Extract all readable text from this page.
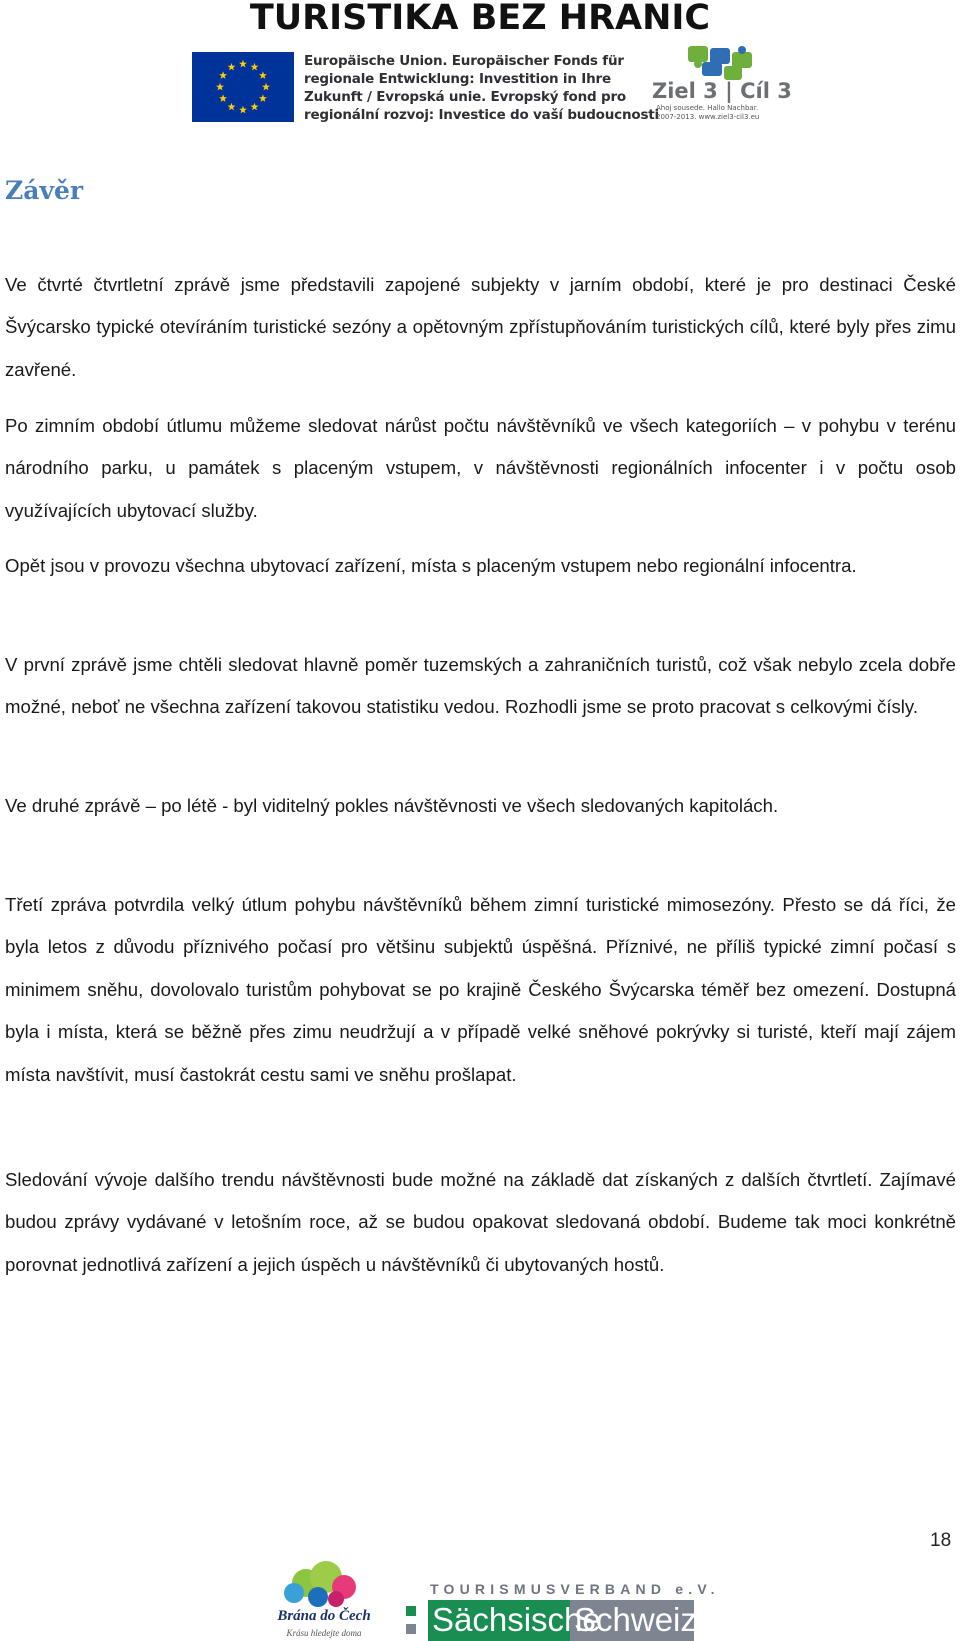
TURISTIKA BEZ HRANIC
Europäische Union. Europäischer Fonds für
regionale Entwicklung: Investition in Ihre
Zukunft / Evropská unie. Evropský fond pro
regionální rozvoj: Investice do vaší budoucnosti
Ziel 3 | Cíl 3
Ahoj sousede. Hallo Nachbar.
2007-2013. www.ziel3-cil3.eu
Závěr

Ve čtvrté čtvrtletní zprávě jsme představili zapojené subjekty v jarním období, které je pro destinaci České Švýcarsko typické otevíráním turistické sezóny a opětovným zpřístupňováním turistických cílů, které byly přes zimu zavřené.

Po zimním období útlumu můžeme sledovat nárůst počtu návštěvníků ve všech kategoriích – v pohybu v terénu národního parku, u památek s placeným vstupem, v návštěvnosti regionálních infocenter i v počtu osob využívajících ubytovací služby.

Opět jsou v provozu všechna ubytovací zařízení, místa s placeným vstupem nebo regionální infocentra.

V první zprávě jsme chtěli sledovat hlavně poměr tuzemských a zahraničních turistů, což však nebylo zcela dobře možné, neboť ne všechna zařízení takovou statistiku vedou. Rozhodli jsme se proto pracovat s celkovými čísly.

Ve druhé zprávě – po létě - byl viditelný pokles návštěvnosti ve všech sledovaných kapitolách.

Třetí zpráva potvrdila velký útlum pohybu návštěvníků během zimní turistické mimosezóny. Přesto se dá říci, že byla letos z důvodu příznivého počasí pro většinu subjektů úspěšná. Příznivé, ne příliš typické zimní počasí s minimem sněhu, dovolovalo turistům pohybovat se po krajině Českého Švýcarska téměř bez omezení. Dostupná byla i místa, která se běžně přes zimu neudržují a v případě velké sněhové pokrývky si turisté, kteří mají zájem místa navštívit, musí častokrát cestu sami ve sněhu prošlapat.

Sledování vývoje dalšího trendu návštěvnosti bude možné na základě dat získaných z dalších čtvrtletí. Zajímavé budou zprávy vydávané v letošním roce, až se budou opakovat sledovaná období. Budeme tak moci konkrétně porovnat jednotlivá zařízení a jejich úspěch u návštěvníků či ubytovaných hostů.

18
Brána do Čech
Krásu hledejte doma
TOURISMUSVERBAND e.V.
Sächsische
Schweiz
